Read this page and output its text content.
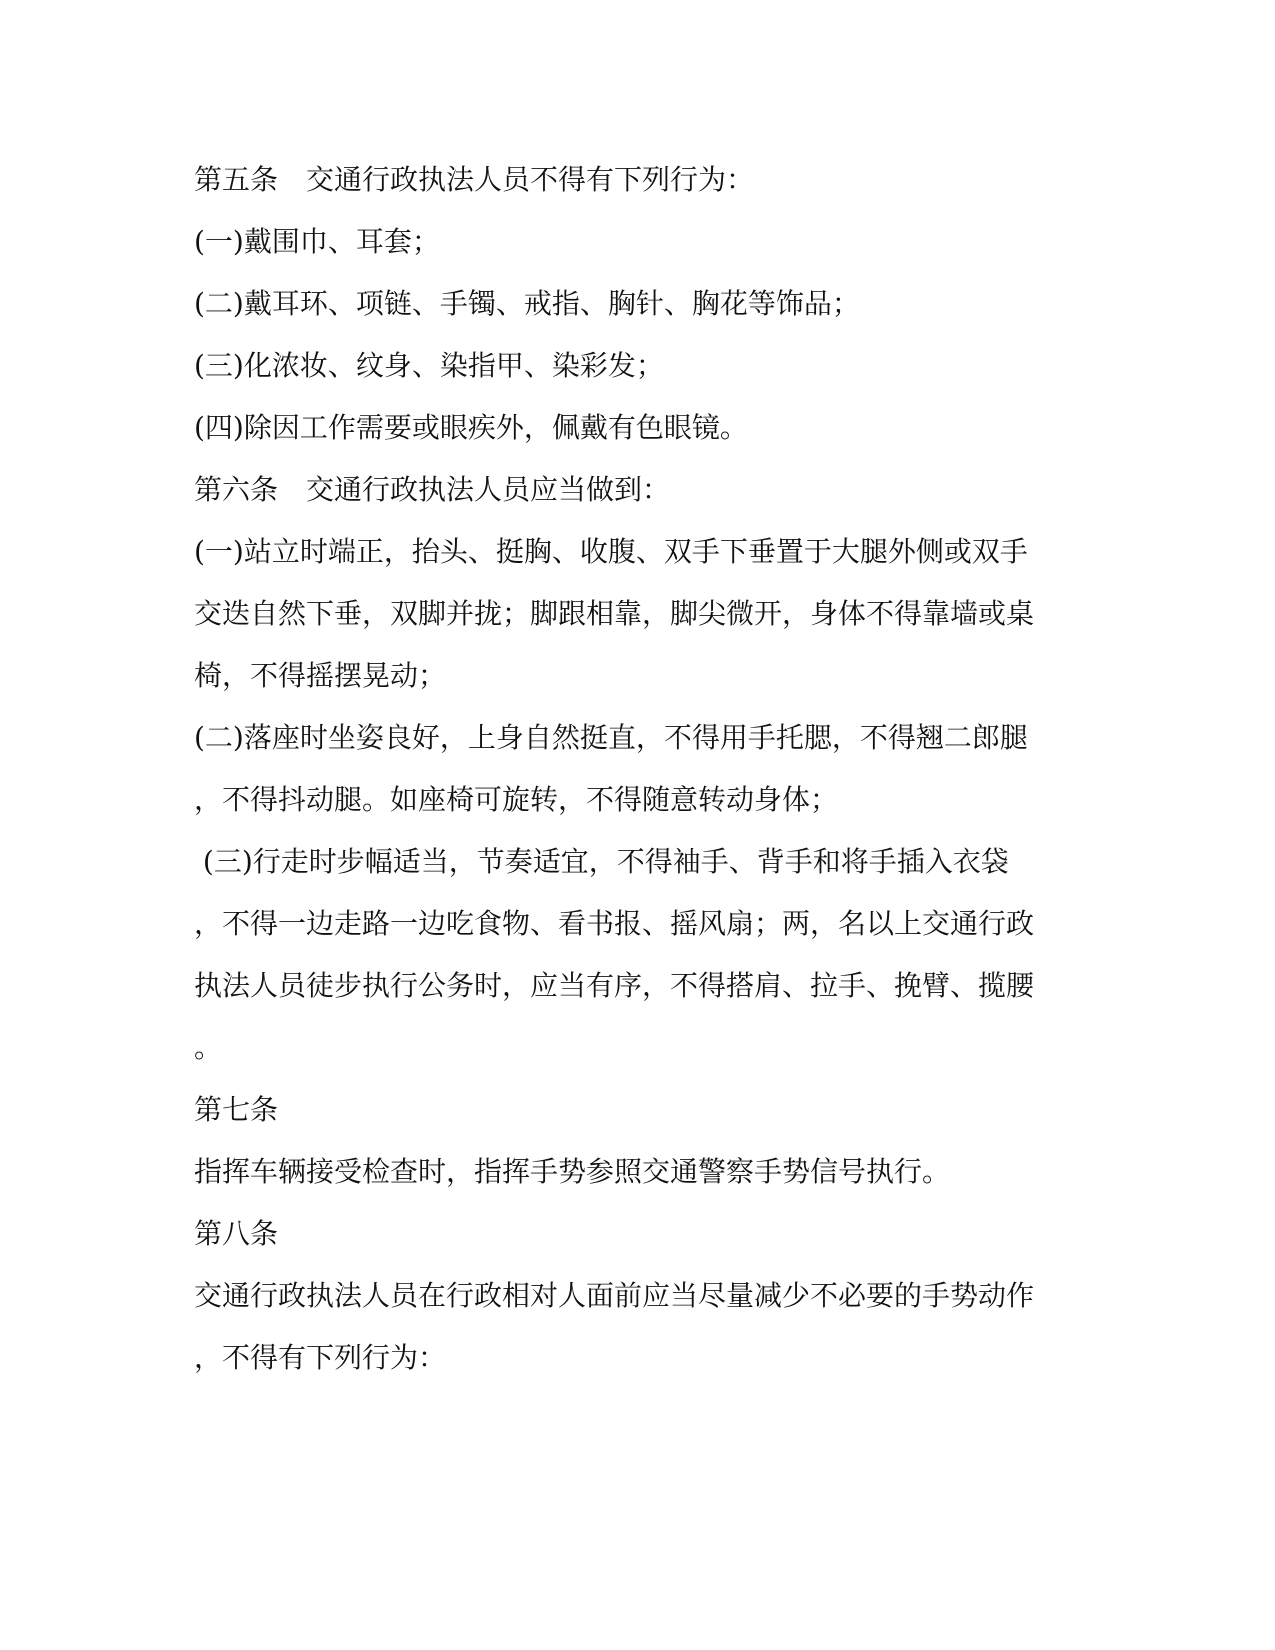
第五条　交通行政执法人员不得有下列行为：
(一)戴围巾、耳套；
(二)戴耳环、项链、手镯、戒指、胸针、胸花等饰品；
(三)化浓妆、纹身、染指甲、染彩发；
(四)除因工作需要或眼疾外，佩戴有色眼镜。
第六条　交通行政执法人员应当做到：
(一)站立时端正，抬头、挺胸、收腹、双手下垂置于大腿外侧或双手
交迭自然下垂，双脚并拢；脚跟相靠，脚尖微开，身体不得靠墙或桌
椅，不得摇摆晃动；
(二)落座时坐姿良好，上身自然挺直，不得用手托腮，不得翘二郎腿
，不得抖动腿。如座椅可旋转，不得随意转动身体；
(三)行走时步幅适当，节奏适宜，不得袖手、背手和将手插入衣袋
，不得一边走路一边吃食物、看书报、摇风扇；两，名以上交通行政
执法人员徒步执行公务时，应当有序，不得搭肩、拉手、挽臂、揽腰
。
第七条
指挥车辆接受检查时，指挥手势参照交通警察手势信号执行。
第八条
交通行政执法人员在行政相对人面前应当尽量减少不必要的手势动作
，不得有下列行为：
